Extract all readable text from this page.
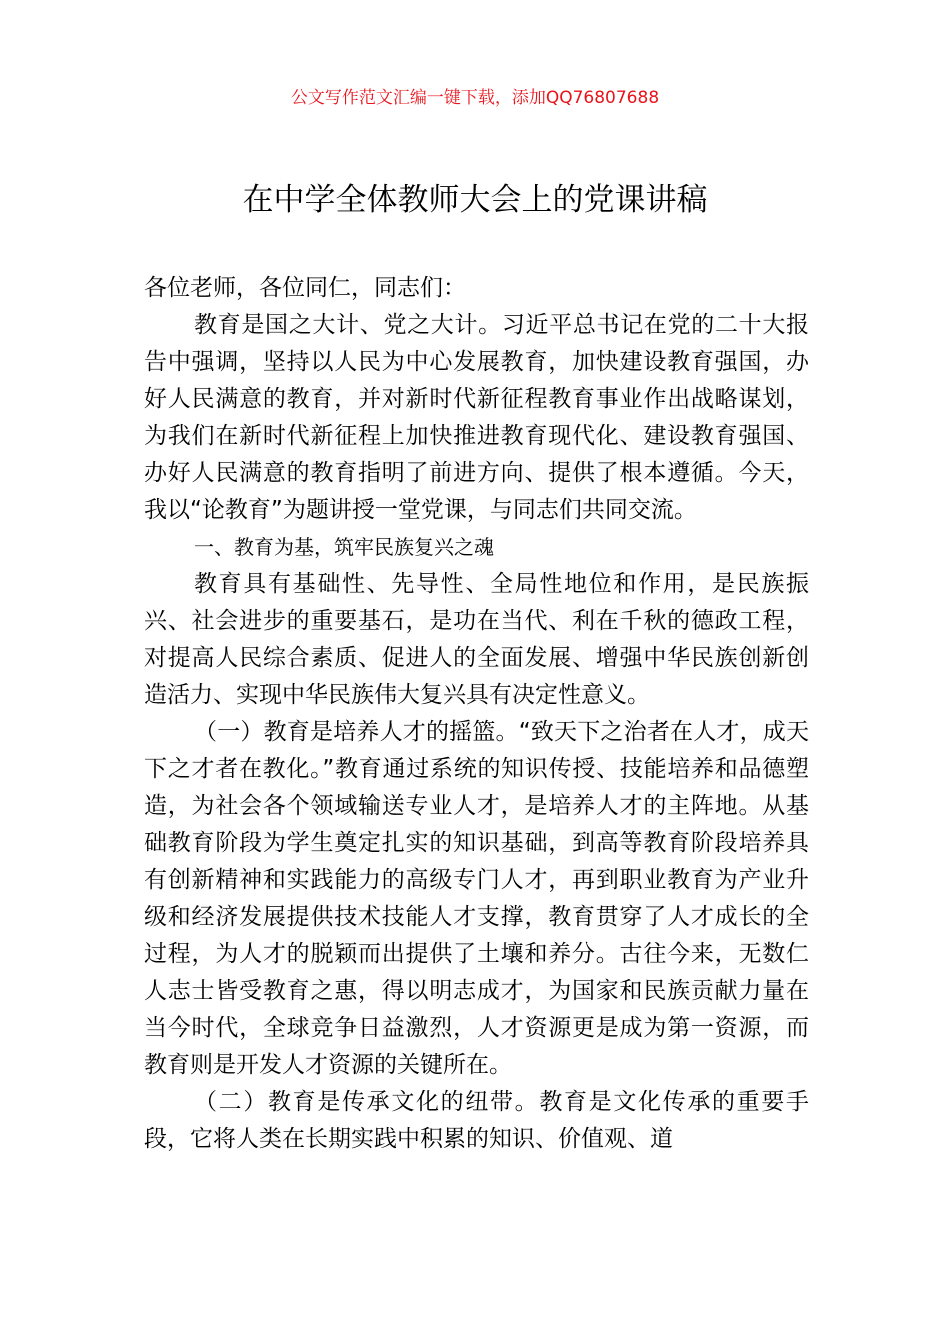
公文写作范文汇编一键下载，添加QQ76807688
在中学全体教师大会上的党课讲稿

各位老师，各位同仁，同志们：

教育是国之大计、党之大计。习近平总书记在党的二十大报告中强调，坚持以人民为中心发展教育，加快建设教育强国，办好人民满意的教育，并对新时代新征程教育事业作出战略谋划，为我们在新时代新征程上加快推进教育现代化、建设教育强国、办好人民满意的教育指明了前进方向、提供了根本遵循。今天，我以“论教育”为题讲授一堂党课，与同志们共同交流。

一、教育为基，筑牢民族复兴之魂

教育具有基础性、先导性、全局性地位和作用，是民族振兴、社会进步的重要基石，是功在当代、利在千秋的德政工程，对提高人民综合素质、促进人的全面发展、增强中华民族创新创造活力、实现中华民族伟大复兴具有决定性意义。

（一）教育是培养人才的摇篮。“致天下之治者在人才，成天下之才者在教化。”教育通过系统的知识传授、技能培养和品德塑造，为社会各个领域输送专业人才，是培养人才的主阵地。从基础教育阶段为学生奠定扎实的知识基础，到高等教育阶段培养具有创新精神和实践能力的高级专门人才，再到职业教育为产业升级和经济发展提供技术技能人才支撑，教育贯穿了人才成长的全过程，为人才的脱颖而出提供了土壤和养分。古往今来，无数仁人志士皆受教育之惠，得以明志成才，为国家和民族贡献力量在当今时代，全球竞争日益激烈，人才资源更是成为第一资源，而教育则是开发人才资源的关键所在。

（二）教育是传承文化的纽带。教育是文化传承的重要手段，它将人类在长期实践中积累的知识、价值观、道
